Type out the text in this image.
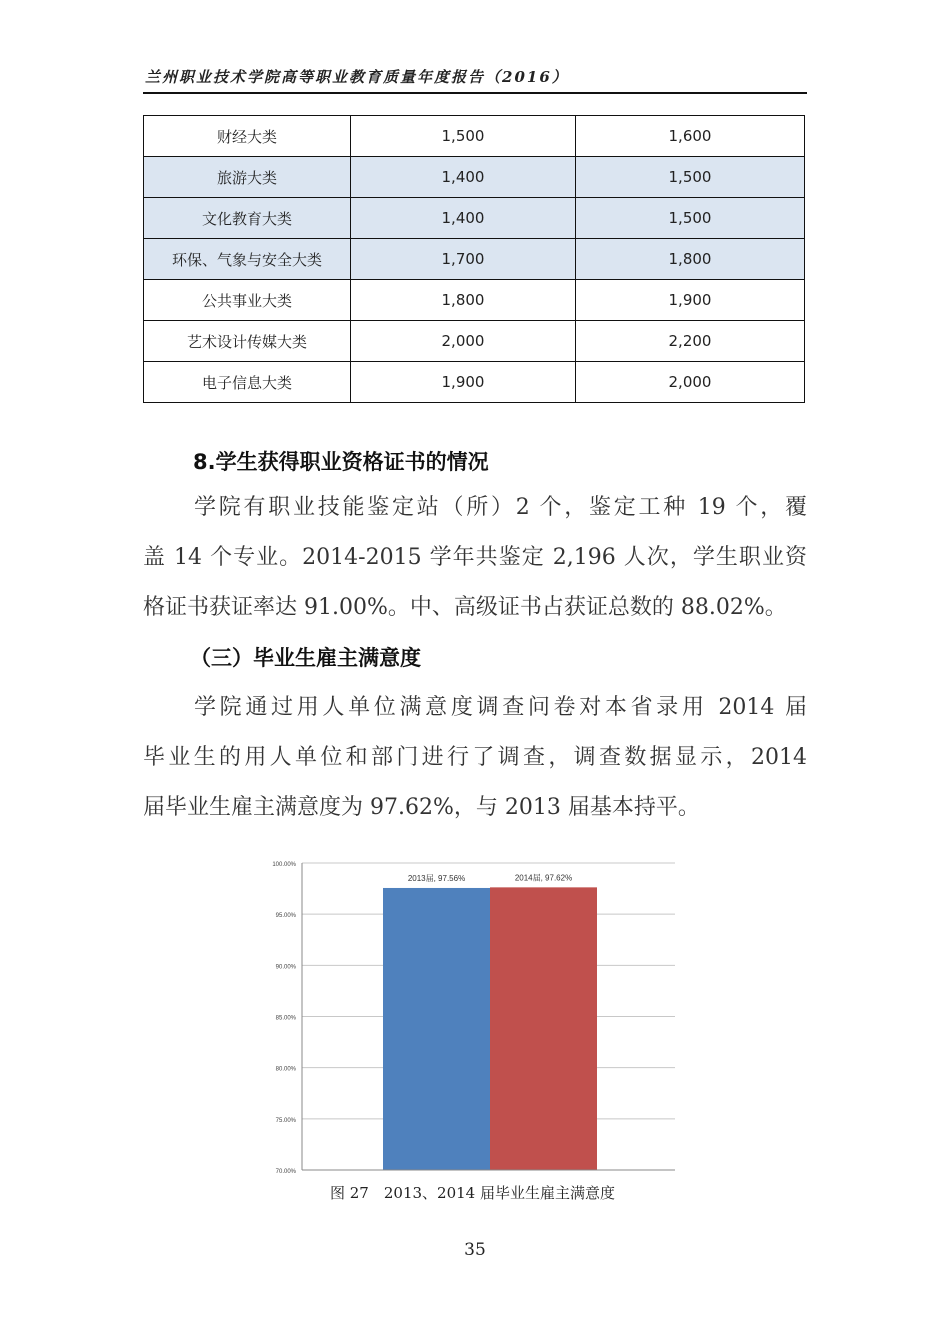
兰州职业技术学院高等职业教育质量年度报告（2016）
财经大类	1,500	1,600
旅游大类	1,400	1,500
文化教育大类	1,400	1,500
环保、气象与安全大类	1,700	1,800
公共事业大类	1,800	1,900
艺术设计传媒大类	2,000	2,200
电子信息大类	1,900	2,000
8.学生获得职业资格证书的情况
学院有职业技能鉴定站（所）2 个，鉴定工种 19 个，覆
盖 14 个专业。2014-2015 学年共鉴定 2,196 人次，学生职业资
格证书获证率达 91.00%。中、高级证书占获证总数的 88.02%。
（三）毕业生雇主满意度
学院通过用人单位满意度调查问卷对本省录用 2014 届
毕业生的用人单位和部门进行了调查，调查数据显示，2014
届毕业生雇主满意度为 97.62%，与 2013 届基本持平。
100.00%
95.00%
90.00%
85.00%
80.00%
75.00%
70.00%
2013届, 97.56%	2014届, 97.62%
图 27　2013、2014 届毕业生雇主满意度
35
